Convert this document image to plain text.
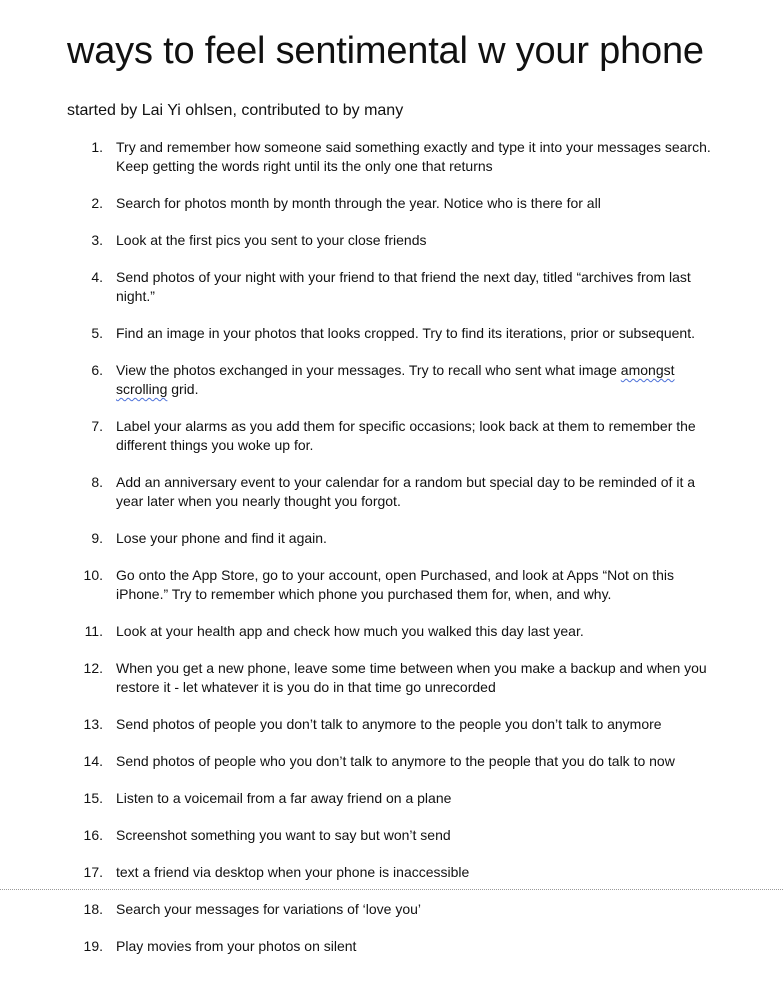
ways to feel sentimental w your phone

started by Lai Yi ohlsen, contributed to by many

1. Try and remember how someone said something exactly and type it into your messages search. Keep getting the words right until its the only one that returns
2. Search for photos month by month through the year. Notice who is there for all
3. Look at the first pics you sent to your close friends
4. Send photos of your night with your friend to that friend the next day, titled “archives from last night.”
5. Find an image in your photos that looks cropped. Try to find its iterations, prior or subsequent.
6. View the photos exchanged in your messages. Try to recall who sent what image amongst scrolling grid.
7. Label your alarms as you add them for specific occasions; look back at them to remember the different things you woke up for.
8. Add an anniversary event to your calendar for a random but special day to be reminded of it a year later when you nearly thought you forgot.
9. Lose your phone and find it again.
10. Go onto the App Store, go to your account, open Purchased, and look at Apps “Not on this iPhone.” Try to remember which phone you purchased them for, when, and why.
11. Look at your health app and check how much you walked this day last year.
12. When you get a new phone, leave some time between when you make a backup and when you restore it - let whatever it is you do in that time go unrecorded
13. Send photos of people you don’t talk to anymore to the people you don’t talk to anymore
14. Send photos of people who you don’t talk to anymore to the people that you do talk to now
15. Listen to a voicemail from a far away friend on a plane
16. Screenshot something you want to say but won’t send
17. text a friend via desktop when your phone is inaccessible
18. Search your messages for variations of ‘love you’
19. Play movies from your photos on silent
